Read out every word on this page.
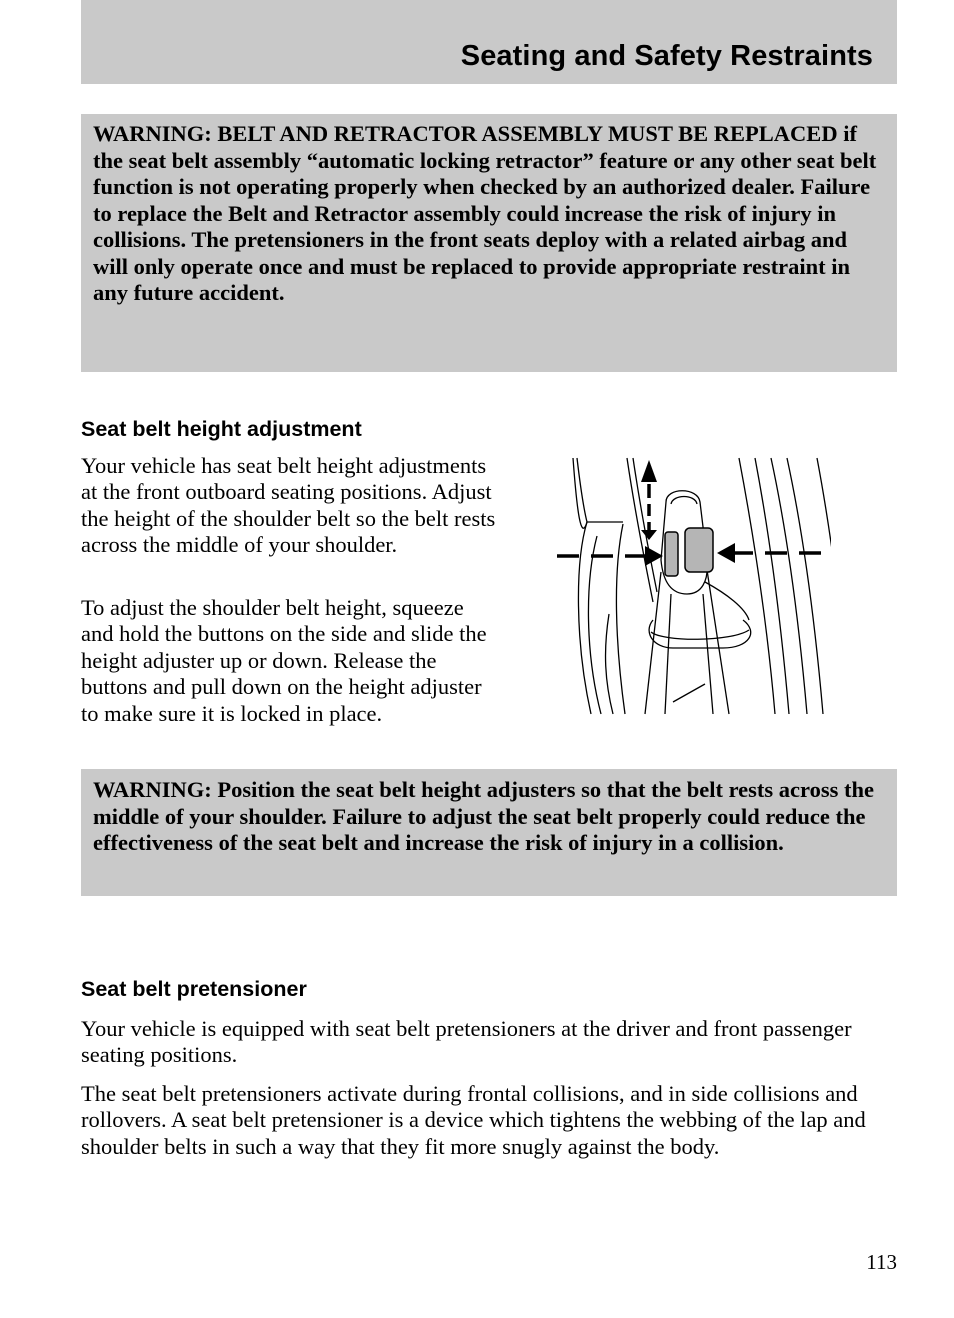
Seating and Safety Restraints

WARNING: BELT AND RETRACTOR ASSEMBLY MUST BE REPLACED if the seat belt assembly “automatic locking retractor” feature or any other seat belt function is not operating properly when checked by an authorized dealer. Failure to replace the Belt and Retractor assembly could increase the risk of injury in collisions. The pretensioners in the front seats deploy with a related airbag and will only operate once and must be replaced to provide appropriate restraint in any future accident.

Seat belt height adjustment

Your vehicle has seat belt height adjustments at the front outboard seating positions. Adjust the height of the shoulder belt so the belt rests across the middle of your shoulder.

To adjust the shoulder belt height, squeeze and hold the buttons on the side and slide the height adjuster up or down. Release the buttons and pull down on the height adjuster to make sure it is locked in place.

WARNING: Position the seat belt height adjusters so that the belt rests across the middle of your shoulder. Failure to adjust the seat belt properly could reduce the effectiveness of the seat belt and increase the risk of injury in a collision.

Seat belt pretensioner

Your vehicle is equipped with seat belt pretensioners at the driver and front passenger seating positions.

The seat belt pretensioners activate during frontal collisions, and in side collisions and rollovers. A seat belt pretensioner is a device which tightens the webbing of the lap and shoulder belts in such a way that they fit more snugly against the body.

113
